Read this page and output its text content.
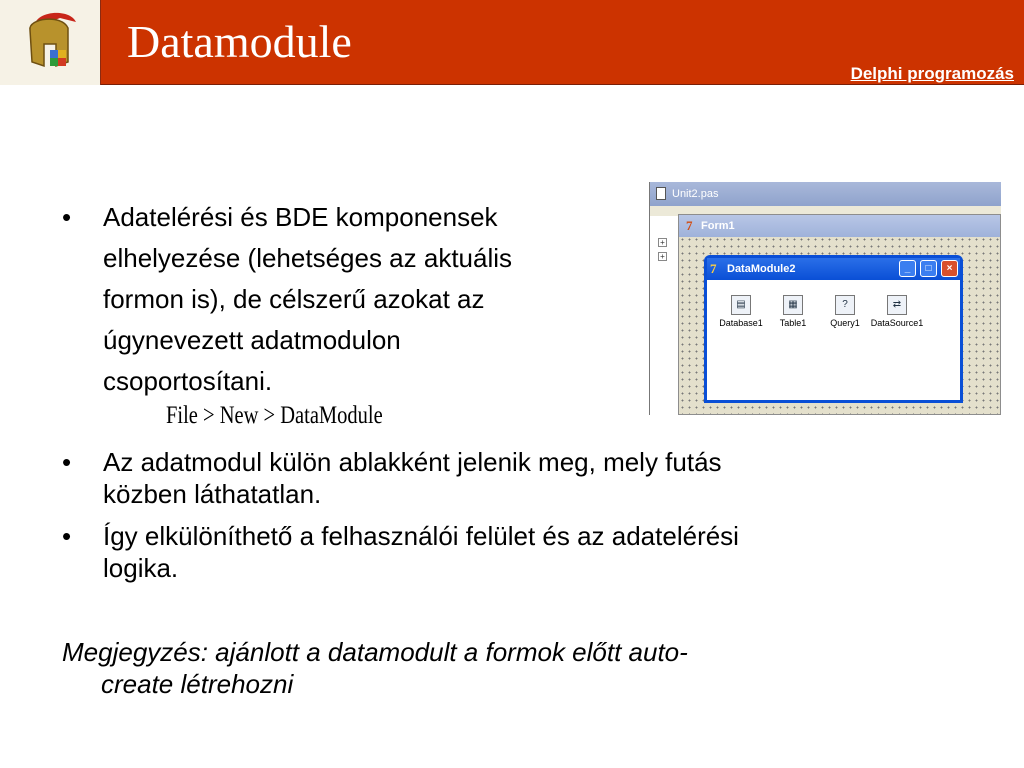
Datamodule
Delphi programozás
• Adatelérési és BDE komponensek
elhelyezése (lehetséges az aktuális
formon is), de célszerű azokat az
úgynevezett adatmodulon
csoportosítani.
File > New > DataModule
• Az adatmodul külön ablakként jelenik meg, mely futás
közben láthatatlan.
• Így elkülöníthető a felhasználói felület és az adatelérési
logika.
Megjegyzés: ajánlott a datamodult a formok előtt auto-
create létrehozni
Unit2.pas
+
+
7 Form1
7 DataModule2	_	□	×
▤
Database1
▦
Table1
?
Query1
⇄
DataSource1
